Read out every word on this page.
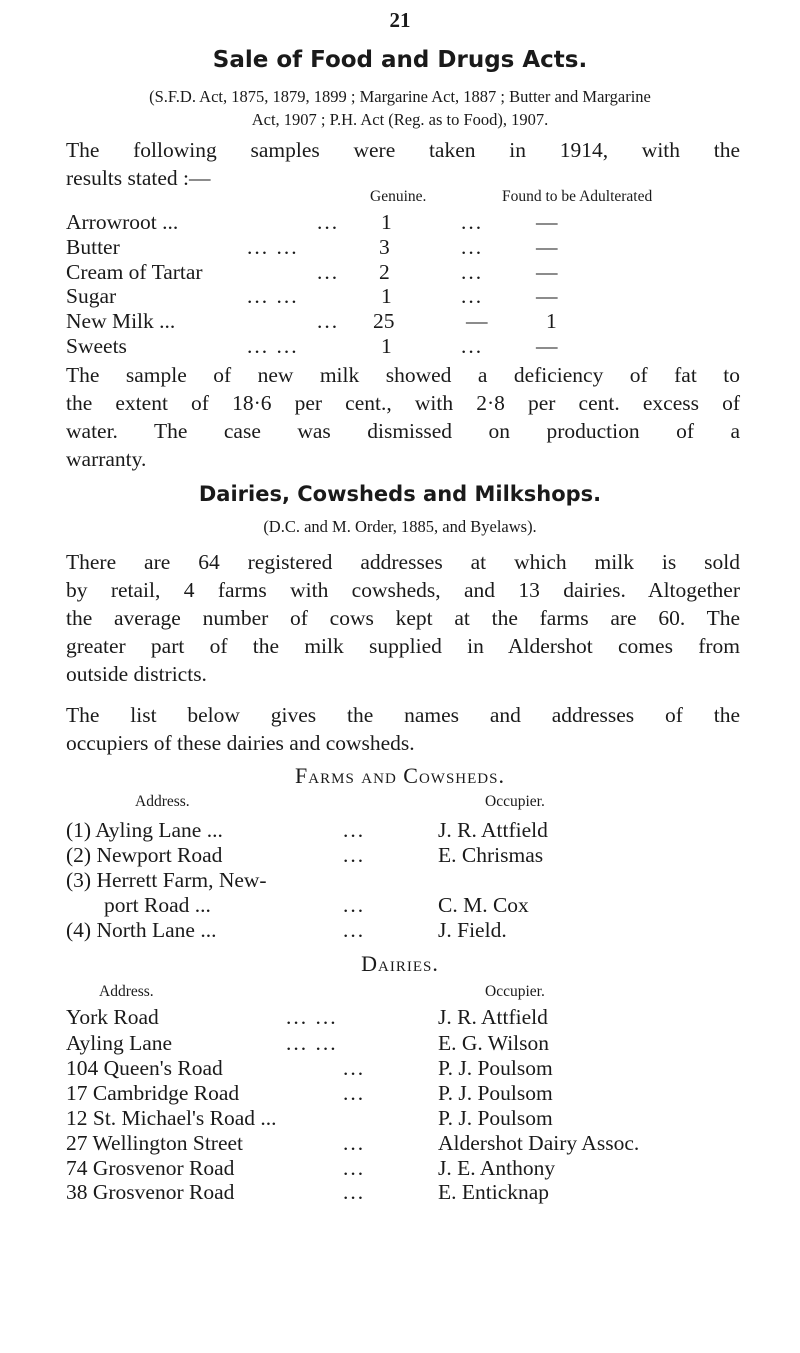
21
Sale of Food and Drugs Acts.
(S.F.D. Act, 1875, 1879, 1899 ; Margarine Act, 1887 ; Butter and Margarine
Act, 1907 ; P.H. Act (Reg. as to Food), 1907.
The following samples were taken in 1914, with the
results stated :—
Genuine.	Found to be Adulterated
Arrowroot ...	... 1	... —
Butter	... ...	3	... —
Cream of Tartar	... 2	... —
Sugar	... ...	1	... —
New Milk ...	... 25	—	1
Sweets	... ...	1	... —
The sample of new milk showed a deficiency of fat to
the extent of 18·6 per cent., with 2·8 per cent. excess of
water. The case was dismissed on production of a
warranty.
Dairies, Cowsheds and Milkshops.
(D.C. and M. Order, 1885, and Byelaws).
There are 64 registered addresses at which milk is sold
by retail, 4 farms with cowsheds, and 13 dairies. Altogether
the average number of cows kept at the farms are 60. The
greater part of the milk supplied in Aldershot comes from
outside districts.
The list below gives the names and addresses of the
occupiers of these dairies and cowsheds.
Farms and Cowsheds.
Address.	Occupier.
(1) Ayling Lane ...	...	J. R. Attfield
(2) Newport Road	...	E. Chrismas
(3) Herrett Farm, New-
port Road ...	...	C. M. Cox
(4) North Lane ...	...	J. Field.
Dairies.
Address.	Occupier.
York Road	... ...	J. R. Attfield
Ayling Lane	... ...	E. G. Wilson
104 Queen's Road	...	P. J. Poulsom
17 Cambridge Road	...	P. J. Poulsom
12 St. Michael's Road ...	P. J. Poulsom
27 Wellington Street	...	Aldershot Dairy Assoc.
74 Grosvenor Road	...	J. E. Anthony
38 Grosvenor Road	...	E. Enticknap
